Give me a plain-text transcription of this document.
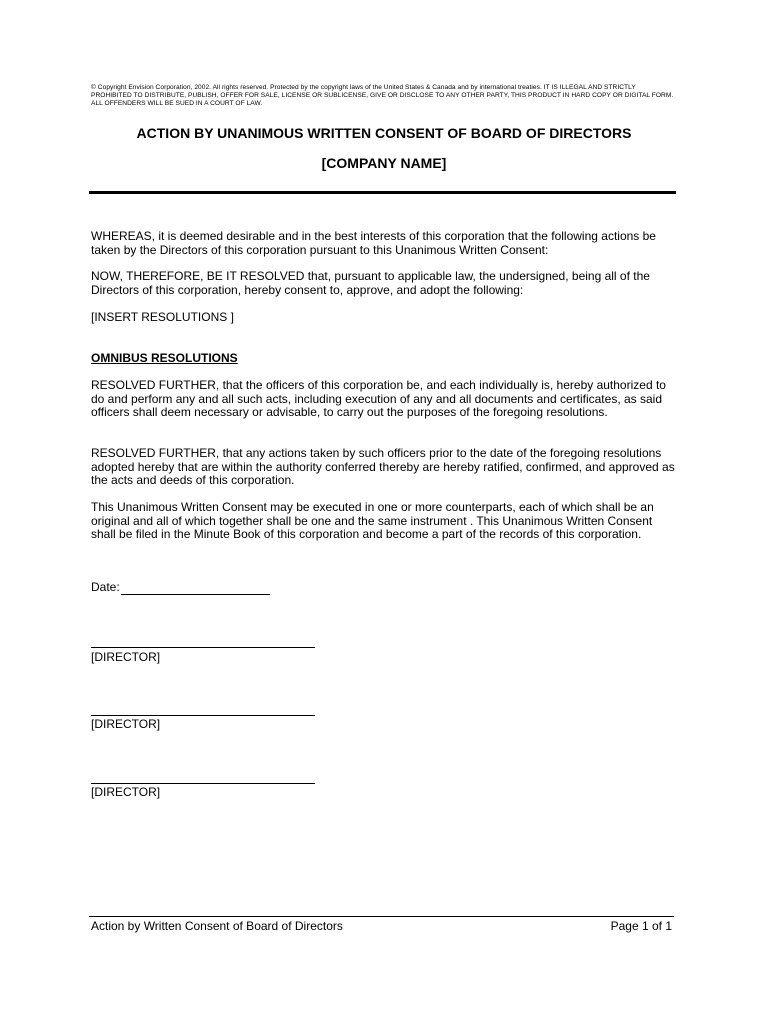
© Copyright Envision Corporation, 2002. All rights reserved. Protected by the copyright laws of the United States & Canada and by international treaties. IT IS ILLEGAL AND STRICTLY PROHIBITED TO DISTRIBUTE, PUBLISH, OFFER FOR SALE, LICENSE OR SUBLICENSE, GIVE OR DISCLOSE TO ANY OTHER PARTY, THIS PRODUCT IN HARD COPY OR DIGITAL FORM. ALL OFFENDERS WILL BE SUED IN A COURT OF LAW.
ACTION BY UNANIMOUS WRITTEN CONSENT OF BOARD OF DIRECTORS
[COMPANY NAME]
WHEREAS, it is deemed desirable and in the best interests of this corporation that the following actions be taken by the Directors of this corporation pursuant to this Unanimous Written Consent:
NOW, THEREFORE, BE IT RESOLVED that, pursuant to applicable law, the undersigned, being all of the Directors of this corporation, hereby consent to, approve, and adopt the following:
[INSERT RESOLUTIONS ]
OMNIBUS RESOLUTIONS
RESOLVED FURTHER, that the officers of this corporation be, and each individually is, hereby authorized to do and perform any and all such acts, including execution of any and all documents and certificates, as said officers shall deem necessary or advisable, to carry out the purposes of the foregoing resolutions.
RESOLVED FURTHER, that any actions taken by such officers prior to the date of the foregoing resolutions adopted hereby that are within the authority conferred thereby are hereby ratified, confirmed, and approved as the acts and deeds of this corporation.
This Unanimous Written Consent may be executed in one or more counterparts, each of which shall be an original and all of which together shall be one and the same instrument . This Unanimous Written Consent shall be filed in the Minute Book of this corporation and become a part of the records of this corporation.
Date:
[DIRECTOR]
[DIRECTOR]
[DIRECTOR]
Action by Written Consent of Board of Directors	Page 1 of 1
